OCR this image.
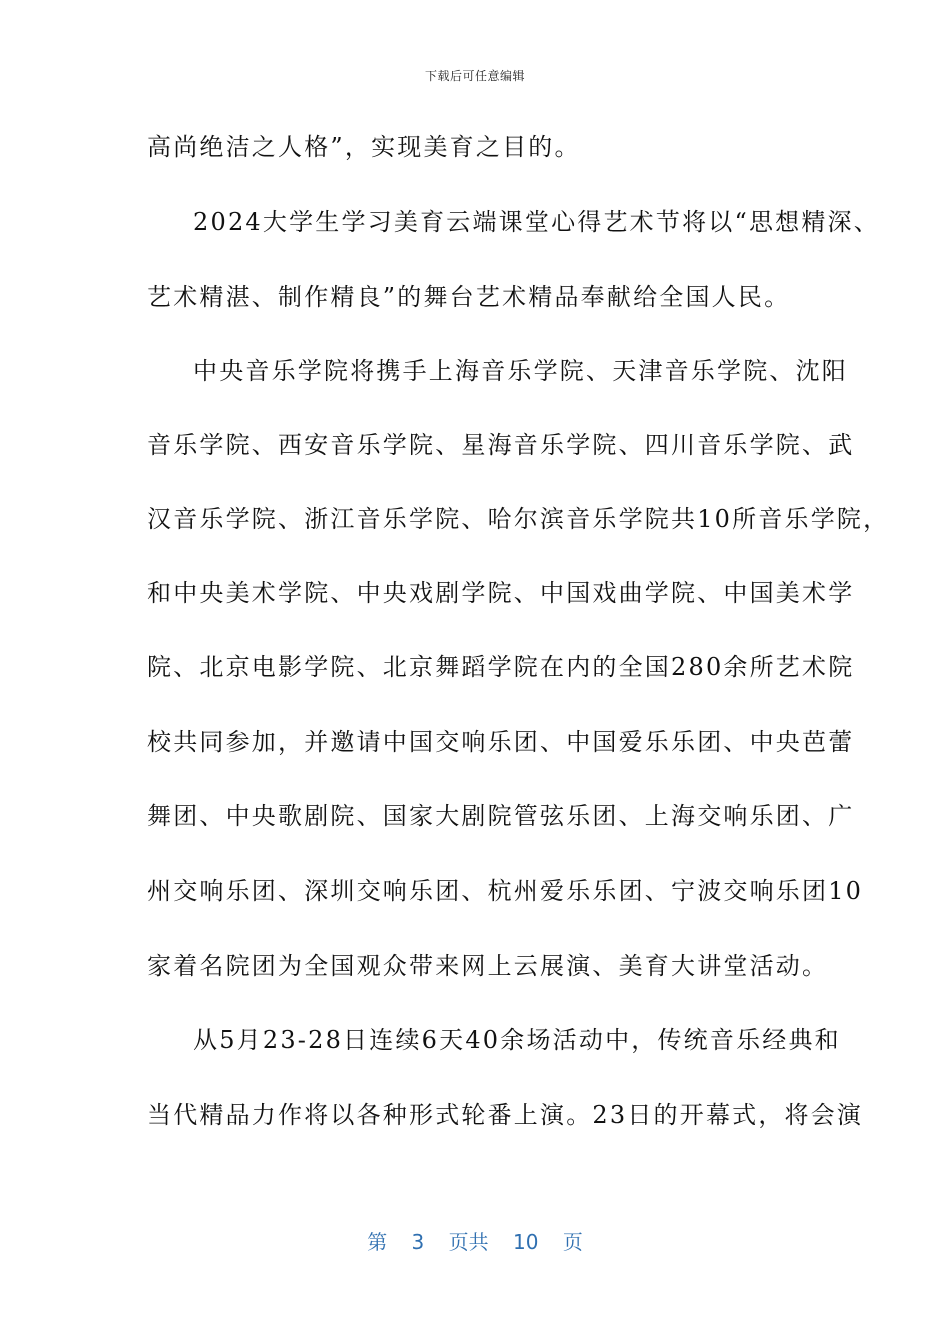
下载后可任意编辑
高尚绝洁之人格”，实现美育之目的。
2024大学生学习美育云端课堂心得艺术节将以“思想精深、
艺术精湛、制作精良”的舞台艺术精品奉献给全国人民。
中央音乐学院将携手上海音乐学院、天津音乐学院、沈阳
音乐学院、西安音乐学院、星海音乐学院、四川音乐学院、武
汉音乐学院、浙江音乐学院、哈尔滨音乐学院共10所音乐学院，
和中央美术学院、中央戏剧学院、中国戏曲学院、中国美术学
院、北京电影学院、北京舞蹈学院在内的全国280余所艺术院
校共同参加，并邀请中国交响乐团、中国爱乐乐团、中央芭蕾
舞团、中央歌剧院、国家大剧院管弦乐团、上海交响乐团、广
州交响乐团、深圳交响乐团、杭州爱乐乐团、宁波交响乐团10
家着名院团为全国观众带来网上云展演、美育大讲堂活动。
从5月23-28日连续6天40余场活动中，传统音乐经典和
当代精品力作将以各种形式轮番上演。23日的开幕式，将会演
第 3 页共 10 页
